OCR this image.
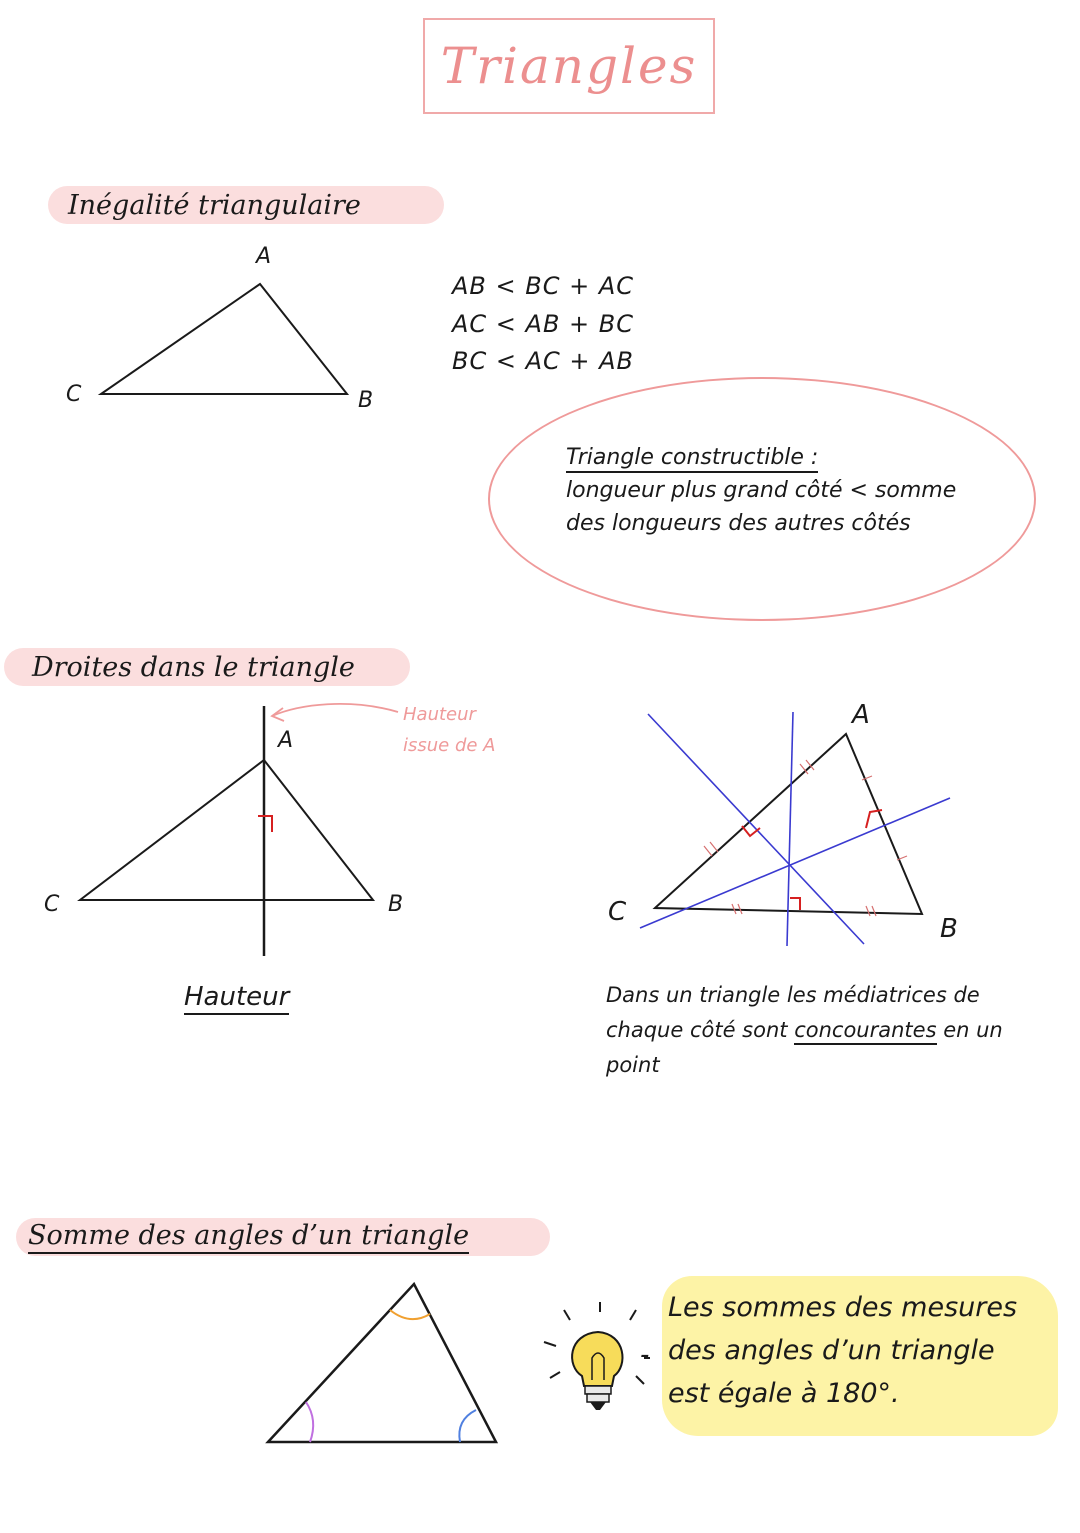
Triangles
Inégalité triangulaire
A
B
C
AB < BC + AC
AC < AB + BC
BC < AC + AB
Triangle constructible :
longueur plus grand côté < somme
des longueurs des autres côtés
Droites dans le triangle
A
B
C
Hauteur
issue de A
Hauteur
A
B
C
Dans un triangle les médiatrices de chaque côté sont concourantes en un point
Somme des angles d’un triangle
-
Les sommes des mesures
des angles d’un triangle
est égale à 180°.
